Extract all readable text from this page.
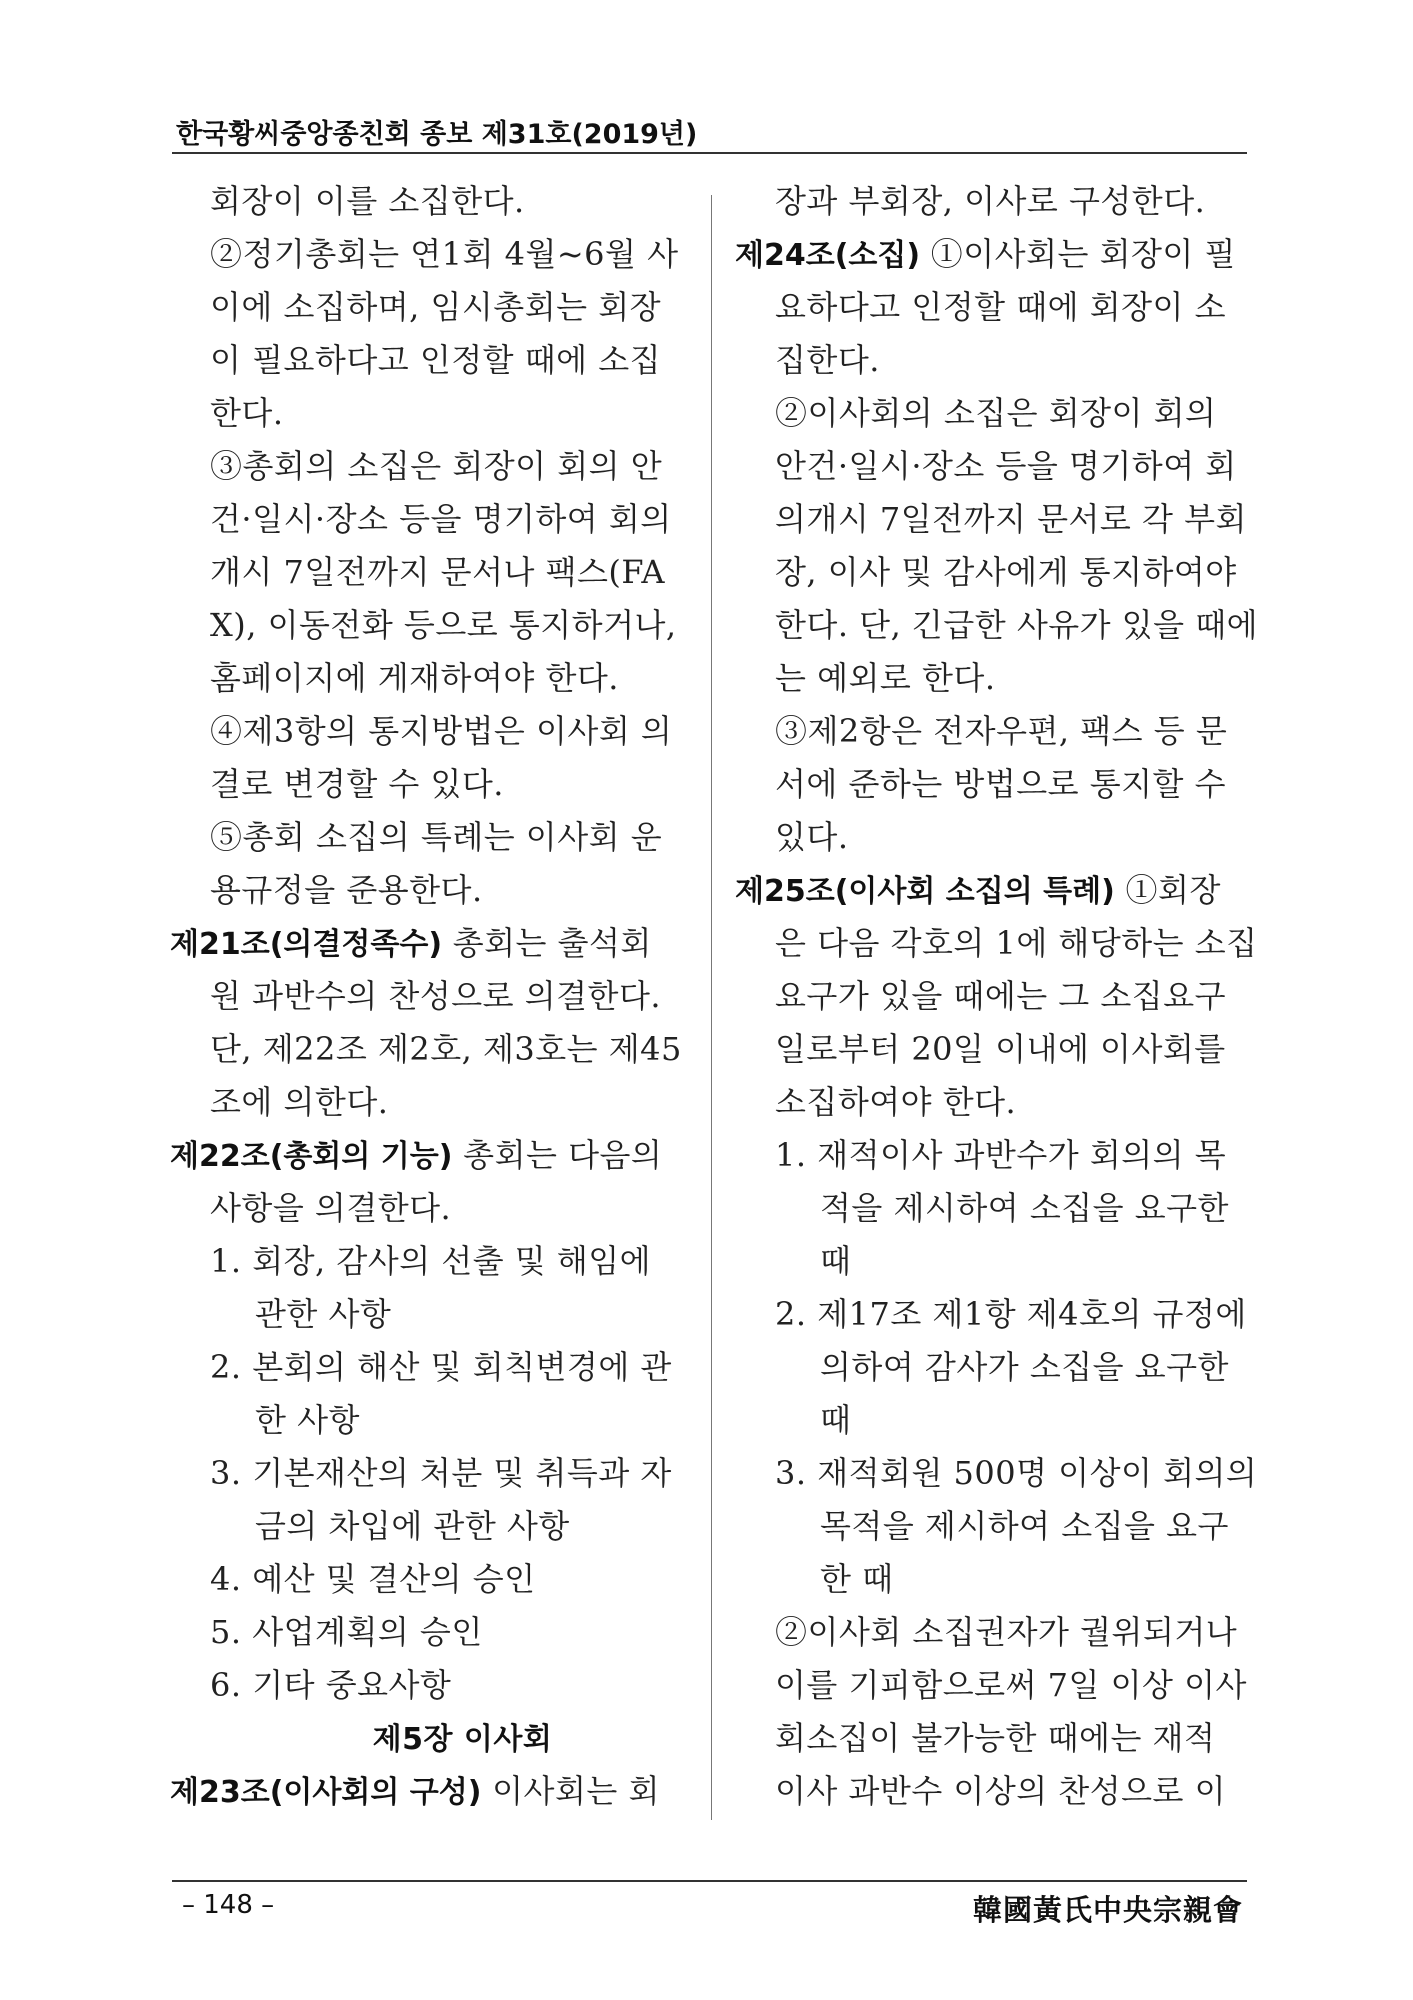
한국황씨중앙종친회 종보 제31호(2019년)
회장이 이를 소집한다.
②정기총회는 연1회 4월~6월 사
이에 소집하며, 임시총회는 회장
이 필요하다고 인정할 때에 소집
한다.
③총회의 소집은 회장이 회의 안
건·일시·장소 등을 명기하여 회의
개시 7일전까지 문서나 팩스(FA
X), 이동전화 등으로 통지하거나,
홈페이지에 게재하여야 한다.
④제3항의 통지방법은 이사회 의
결로 변경할 수 있다.
⑤총회 소집의 특례는 이사회 운
용규정을 준용한다.
제21조(의결정족수) 총회는 출석회
원 과반수의 찬성으로 의결한다.
단, 제22조 제2호, 제3호는 제45
조에 의한다.
제22조(총회의 기능) 총회는 다음의
사항을 의결한다.
1. 회장, 감사의 선출 및 해임에
관한 사항
2. 본회의 해산 및 회칙변경에 관
한 사항
3. 기본재산의 처분 및 취득과 자
금의 차입에 관한 사항
4. 예산 및 결산의 승인
5. 사업계획의 승인
6. 기타 중요사항
제5장 이사회
제23조(이사회의 구성) 이사회는 회
장과 부회장, 이사로 구성한다.
제24조(소집) ①이사회는 회장이 필
요하다고 인정할 때에 회장이 소
집한다.
②이사회의 소집은 회장이 회의
안건·일시·장소 등을 명기하여 회
의개시 7일전까지 문서로 각 부회
장, 이사 및 감사에게 통지하여야
한다. 단, 긴급한 사유가 있을 때에
는 예외로 한다.
③제2항은 전자우편, 팩스 등 문
서에 준하는 방법으로 통지할 수
있다.
제25조(이사회 소집의 특례) ①회장
은 다음 각호의 1에 해당하는 소집
요구가 있을 때에는 그 소집요구
일로부터 20일 이내에 이사회를
소집하여야 한다.
1. 재적이사 과반수가 회의의 목
적을 제시하여 소집을 요구한
때
2. 제17조 제1항 제4호의 규정에
의하여 감사가 소집을 요구한
때
3. 재적회원 500명 이상이 회의의
목적을 제시하여 소집을 요구
한 때
②이사회 소집권자가 궐위되거나
이를 기피함으로써 7일 이상 이사
회소집이 불가능한 때에는 재적
이사 과반수 이상의 찬성으로 이
– 148 –	韓國黃氏中央宗親會
